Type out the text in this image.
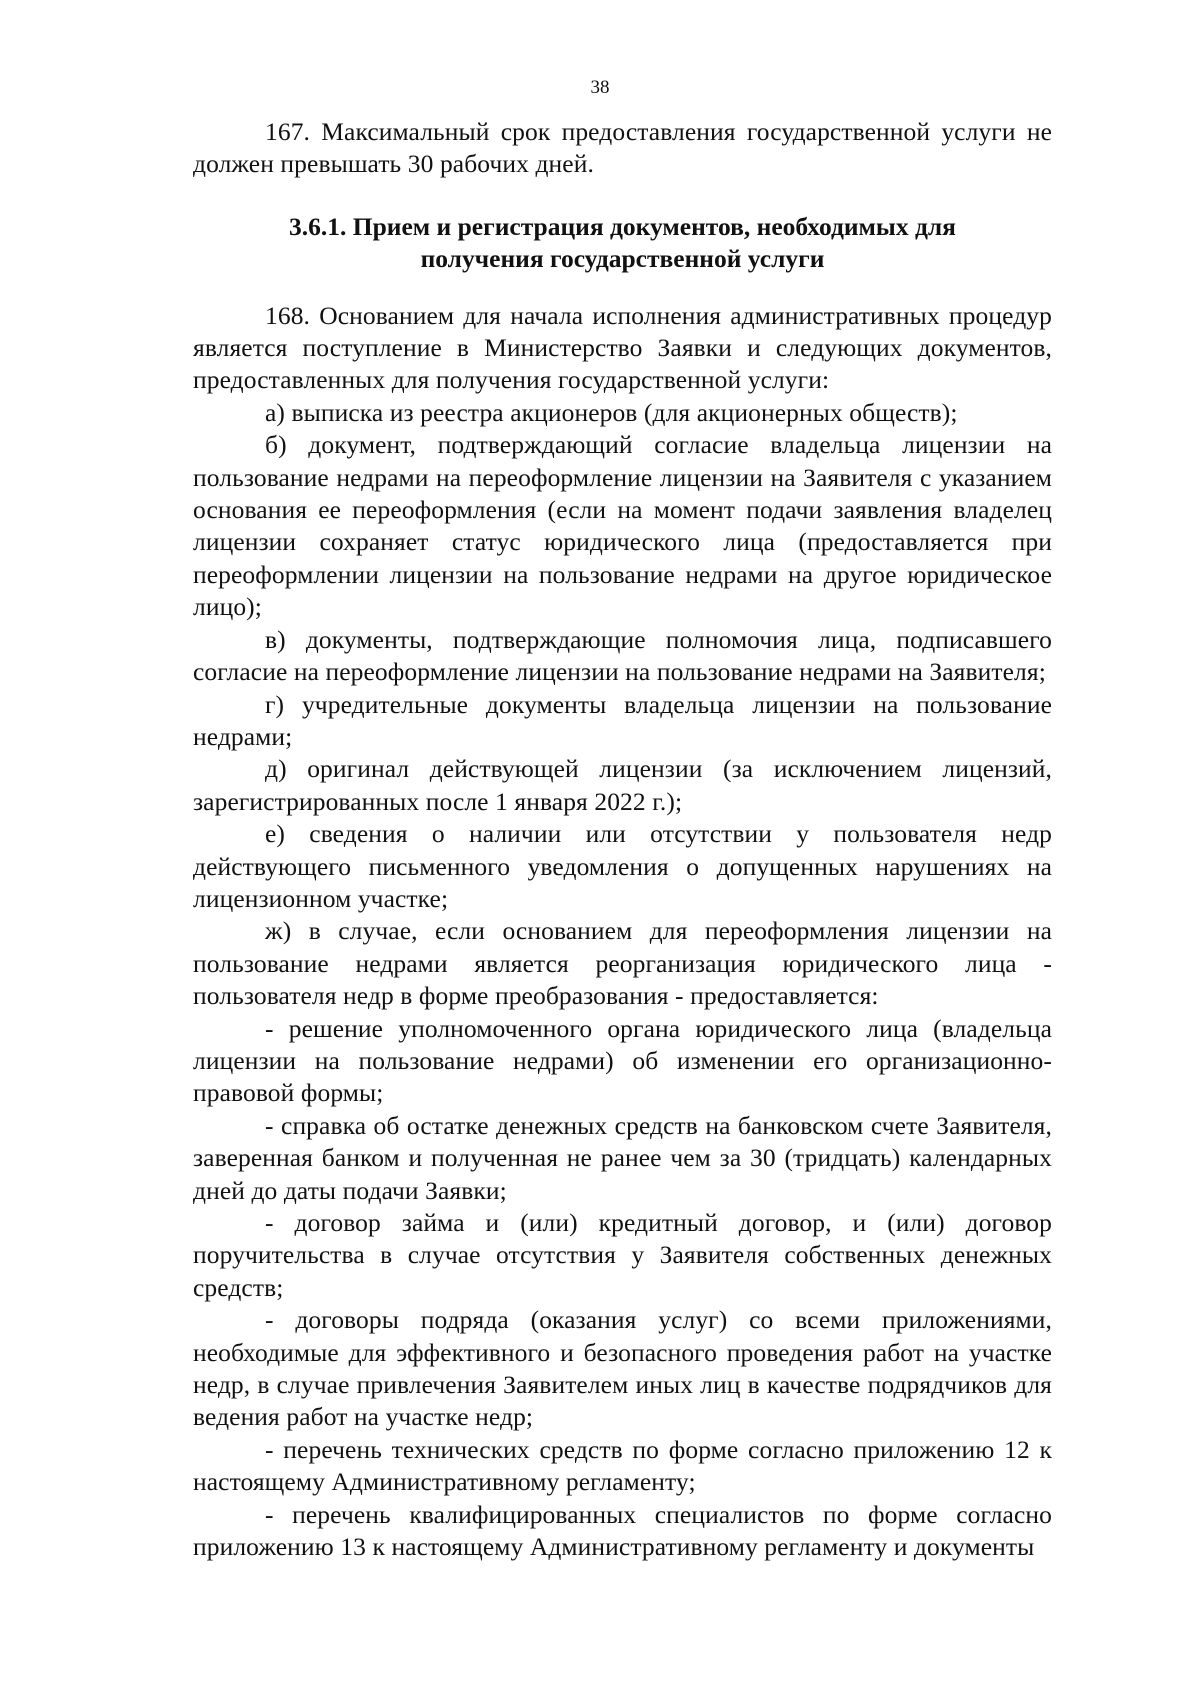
38

167. Максимальный срок предоставления государственной услуги не должен превышать 30 рабочих дней.

3.6.1. Прием и регистрация документов, необходимых для
получения государственной услуги

168. Основанием для начала исполнения административных процедур является поступление в Министерство Заявки и следующих документов, предоставленных для получения государственной услуги:

а) выписка из реестра акционеров (для акционерных обществ);

б) документ, подтверждающий согласие владельца лицензии на пользование недрами на переоформление лицензии на Заявителя с указанием основания ее переоформления (если на момент подачи заявления владелец лицензии сохраняет статус юридического лица (предоставляется при переоформлении лицензии на пользование недрами на другое юридическое лицо);

в) документы, подтверждающие полномочия лица, подписавшего согласие на переоформление лицензии на пользование недрами на Заявителя;

г) учредительные документы владельца лицензии на пользование недрами;

д) оригинал действующей лицензии (за исключением лицензий, зарегистрированных после 1 января 2022 г.);

е) сведения о наличии или отсутствии у пользователя недр действующего письменного уведомления о допущенных нарушениях на лицензионном участке;

ж) в случае, если основанием для переоформления лицензии на пользование недрами является реорганизация юридического лица - пользователя недр в форме преобразования - предоставляется:

- решение уполномоченного органа юридического лица (владельца лицензии на пользование недрами) об изменении его организационно-правовой формы;

- справка об остатке денежных средств на банковском счете Заявителя, заверенная банком и полученная не ранее чем за 30 (тридцать) календарных дней до даты подачи Заявки;

- договор займа и (или) кредитный договор, и (или) договор поручительства в случае отсутствия у Заявителя собственных денежных средств;

- договоры подряда (оказания услуг) со всеми приложениями, необходимые для эффективного и безопасного проведения работ на участке недр, в случае привлечения Заявителем иных лиц в качестве подрядчиков для ведения работ на участке недр;

- перечень технических средств по форме согласно приложению 12 к настоящему Административному регламенту;

- перечень квалифицированных специалистов по форме согласно приложению 13 к настоящему Административному регламенту и документы
